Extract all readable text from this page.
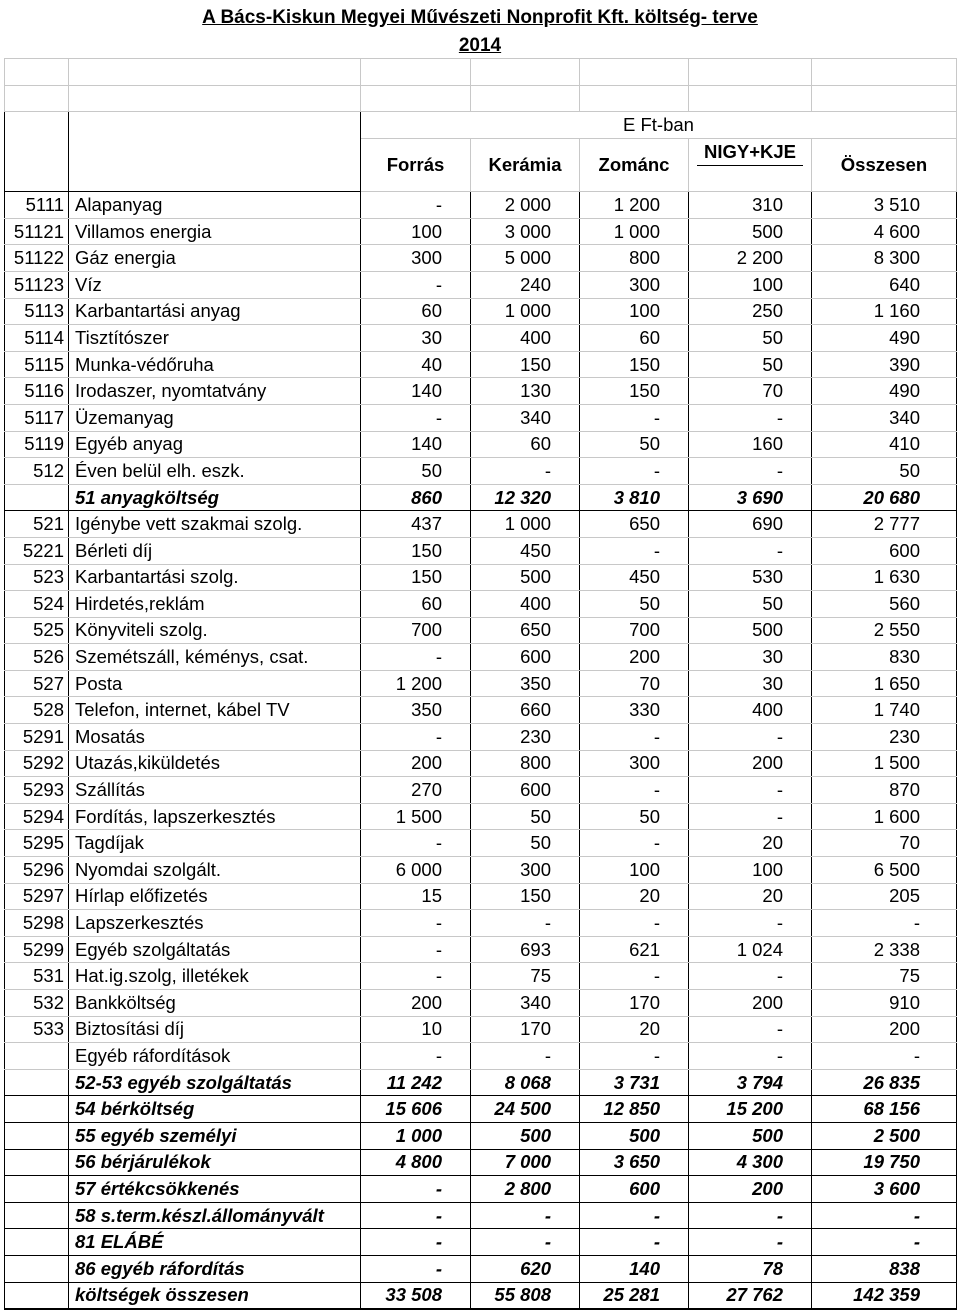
A Bács-Kiskun Megyei Művészeti Nonprofit Kft. költség- terve
2014

		E Ft-ban				
		Forrás	Kerámia	Zománc	NIGY+KJE	Összesen
5111	Alapanyag	-	2 000	1 200	310	3 510
51121	Villamos energia	100	3 000	1 000	500	4 600
51122	Gáz energia	300	5 000	800	2 200	8 300
51123	Víz	-	240	300	100	640
5113	Karbantartási anyag	60	1 000	100	250	1 160
5114	Tisztítószer	30	400	60	50	490
5115	Munka-védőruha	40	150	150	50	390
5116	Irodaszer, nyomtatvány	140	130	150	70	490
5117	Üzemanyag	-	340	-	-	340
5119	Egyéb anyag	140	60	50	160	410
512	Éven belül elh. eszk.	50	-	-	-	50
	51 anyagköltség	860	12 320	3 810	3 690	20 680
521	Igénybe vett szakmai szolg.	437	1 000	650	690	2 777
5221	Bérleti díj	150	450	-	-	600
523	Karbantartási szolg.	150	500	450	530	1 630
524	Hirdetés,reklám	60	400	50	50	560
525	Könyviteli szolg.	700	650	700	500	2 550
526	Szemétszáll, kéménys, csat.	-	600	200	30	830
527	Posta	1 200	350	70	30	1 650
528	Telefon, internet, kábel TV	350	660	330	400	1 740
5291	Mosatás	-	230	-	-	230
5292	Utazás,kiküldetés	200	800	300	200	1 500
5293	Szállítás	270	600	-	-	870
5294	Fordítás, lapszerkesztés	1 500	50	50	-	1 600
5295	Tagdíjak	-	50	-	20	70
5296	Nyomdai szolgált.	6 000	300	100	100	6 500
5297	Hírlap előfizetés	15	150	20	20	205
5298	Lapszerkesztés	-	-	-	-	-
5299	Egyéb szolgáltatás	-	693	621	1 024	2 338
531	Hat.ig.szolg, illetékek	-	75	-	-	75
532	Bankköltség	200	340	170	200	910
533	Biztosítási díj	10	170	20	-	200
	Egyéb ráfordítások	-	-	-	-	-
	52-53 egyéb szolgáltatás	11 242	8 068	3 731	3 794	26 835
	54 bérköltség	15 606	24 500	12 850	15 200	68 156
	55 egyéb személyi	1 000	500	500	500	2 500
	56 bérjárulékok	4 800	7 000	3 650	4 300	19 750
	57 értékcsökkenés	-	2 800	600	200	3 600
	58 s.term.készl.állományvált	-	-	-	-	-
	81 ELÁBÉ	-	-	-	-	-
	86 egyéb ráfordítás	-	620	140	78	838
	költségek összesen	33 508	55 808	25 281	27 762	142 359
